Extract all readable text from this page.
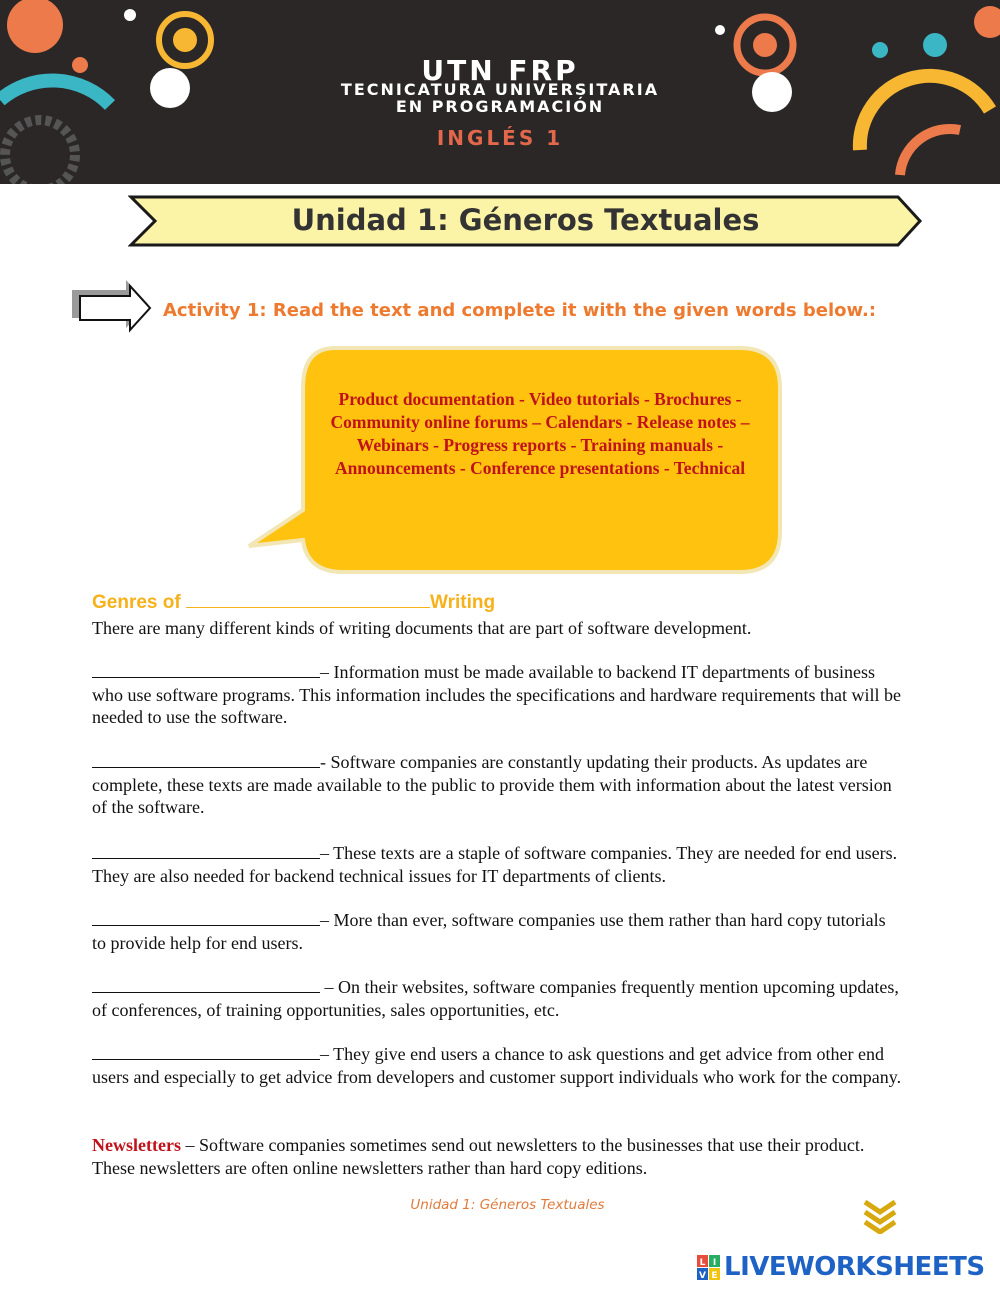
UTN FRP
TECNICATURA UNIVERSITARIA
EN PROGRAMACIÓN
INGLÉS 1
Unidad 1: Géneros Textuales
Activity 1: Read the text and complete it with the given words below.:
Product documentation - Video tutorials - Brochures - Community online forums – Calendars - Release notes – Webinars - Progress reports - Training manuals - Announcements - Conference presentations - Technical
Genres of	Writing
There are many different kinds of writing documents that are part of software development.
– Information must be made available to backend IT departments of business who use software programs. This information includes the specifications and hardware requirements that will be needed to use the software.
- Software companies are constantly updating their products. As updates are complete, these texts are made available to the public to provide them with information about the latest version of the software.
– These texts are a staple of software companies. They are needed for end users. They are also needed for backend technical issues for IT departments of clients.
– More than ever, software companies use them rather than hard copy tutorials to provide help for end users.
– On their websites, software companies frequently mention upcoming updates, of conferences, of training opportunities, sales opportunities, etc.
– They give end users a chance to ask questions and get advice from other end users and especially to get advice from developers and customer support individuals who work for the company.
Newsletters – Software companies sometimes send out newsletters to the businesses that use their product. These newsletters are often online newsletters rather than hard copy editions.
Unidad 1: Géneros Textuales
L I
V E LIVEWORKSHEETS
